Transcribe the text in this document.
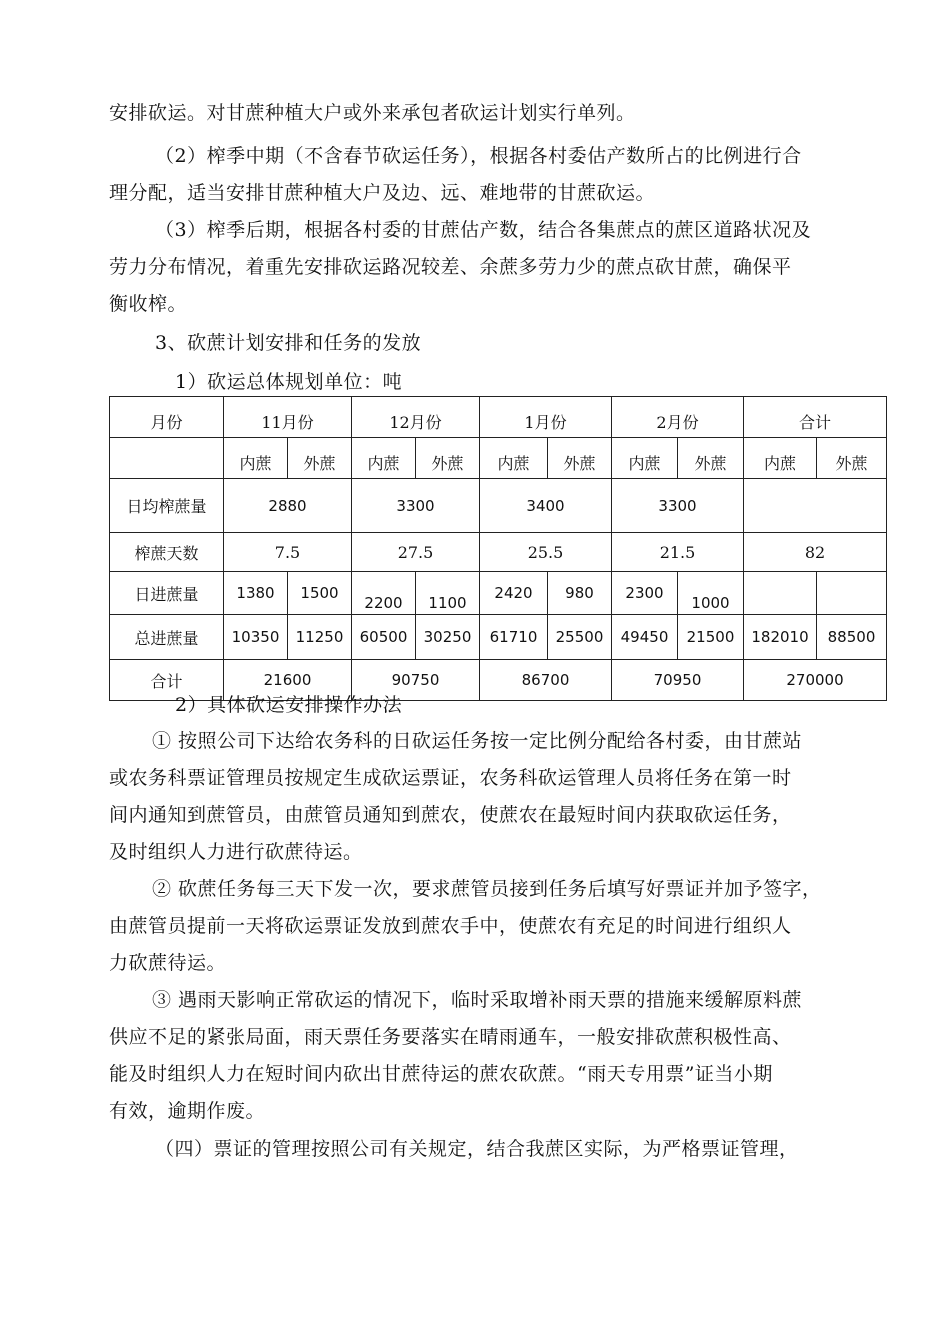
安排砍运。对甘蔗种植大户或外来承包者砍运计划实行单列。
（2）榨季中期（不含春节砍运任务），根据各村委估产数所占的比例进行合
理分配，适当安排甘蔗种植大户及边、远、难地带的甘蔗砍运。
（3）榨季后期，根据各村委的甘蔗估产数，结合各集蔗点的蔗区道路状况及
劳力分布情况，着重先安排砍运路况较差、余蔗多劳力少的蔗点砍甘蔗，确保平
衡收榨。
3、砍蔗计划安排和任务的发放
1）砍运总体规划单位：吨
月份	11月份		12月份		1月份		2月份		合计	
	内蔗	外蔗	内蔗	外蔗	内蔗	外蔗	内蔗	外蔗	内蔗	外蔗
日均榨蔗量	2880		3300		3400		3300			
榨蔗天数	7.5		27.5		25.5		21.5		82	
日进蔗量	1380	1500	2200	1100	2420	980	2300	1000		
总进蔗量	10350	11250	60500	30250	61710	25500	49450	21500	182010	88500
合计	21600		90750		86700		70950		270000	
2）具体砍运安排操作办法
① 按照公司下达给农务科的日砍运任务按一定比例分配给各村委，由甘蔗站
或农务科票证管理员按规定生成砍运票证，农务科砍运管理人员将任务在第一时
间内通知到蔗管员，由蔗管员通知到蔗农，使蔗农在最短时间内获取砍运任务，
及时组织人力进行砍蔗待运。
② 砍蔗任务每三天下发一次，要求蔗管员接到任务后填写好票证并加予签字，
由蔗管员提前一天将砍运票证发放到蔗农手中，使蔗农有充足的时间进行组织人
力砍蔗待运。
③ 遇雨天影响正常砍运的情况下，临时采取增补雨天票的措施来缓解原料蔗
供应不足的紧张局面，雨天票任务要落实在晴雨通车，一般安排砍蔗积极性高、
能及时组织人力在短时间内砍出甘蔗待运的蔗农砍蔗。“雨天专用票”证当小期
有效，逾期作废。
（四）票证的管理按照公司有关规定，结合我蔗区实际，为严格票证管理，
